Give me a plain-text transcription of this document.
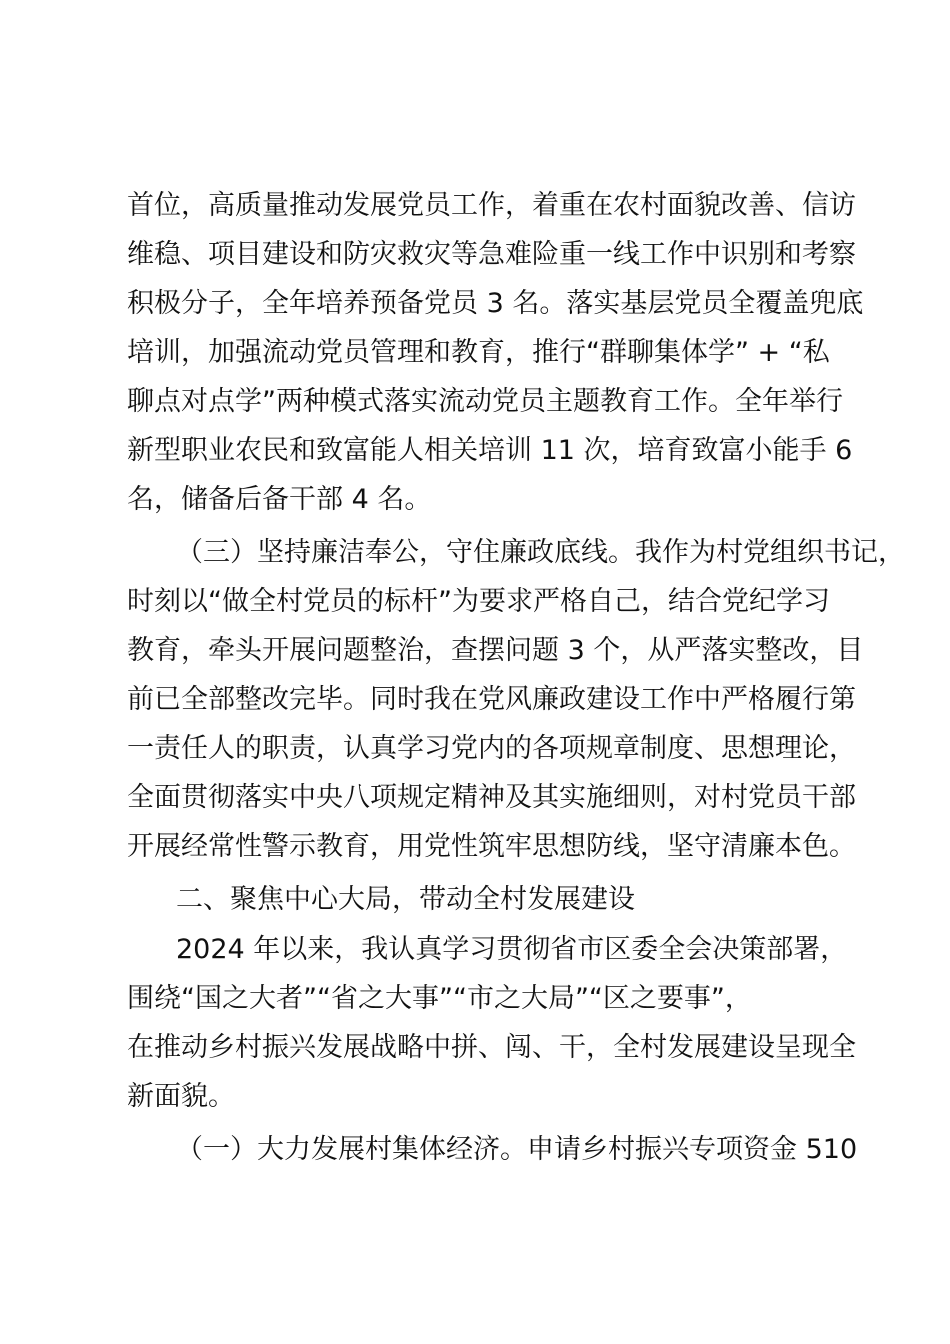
首位，高质量推动发展党员工作，着重在农村面貌改善、信访
维稳、项目建设和防灾救灾等急难险重一线工作中识别和考察
积极分子，全年培养预备党员 3 名。落实基层党员全覆盖兜底
培训，加强流动党员管理和教育，推行“群聊集体学” + “私
聊点对点学”两种模式落实流动党员主题教育工作。全年举行
新型职业农民和致富能人相关培训 11 次，培育致富小能手 6
名，储备后备干部 4 名。
（三）坚持廉洁奉公，守住廉政底线。我作为村党组织书记，
时刻以“做全村党员的标杆”为要求严格自己，结合党纪学习
教育，牵头开展问题整治，查摆问题 3 个，从严落实整改，目
前已全部整改完毕。同时我在党风廉政建设工作中严格履行第
一责任人的职责，认真学习党内的各项规章制度、思想理论，
全面贯彻落实中央八项规定精神及其实施细则，对村党员干部
开展经常性警示教育，用党性筑牢思想防线，坚守清廉本色。
二、聚焦中心大局，带动全村发展建设
2024 年以来，我认真学习贯彻省市区委全会决策部署，
围绕“国之大者”“省之大事”“市之大局”“区之要事”，
在推动乡村振兴发展战略中拼、闯、干，全村发展建设呈现全
新面貌。
（一）大力发展村集体经济。申请乡村振兴专项资金 510
